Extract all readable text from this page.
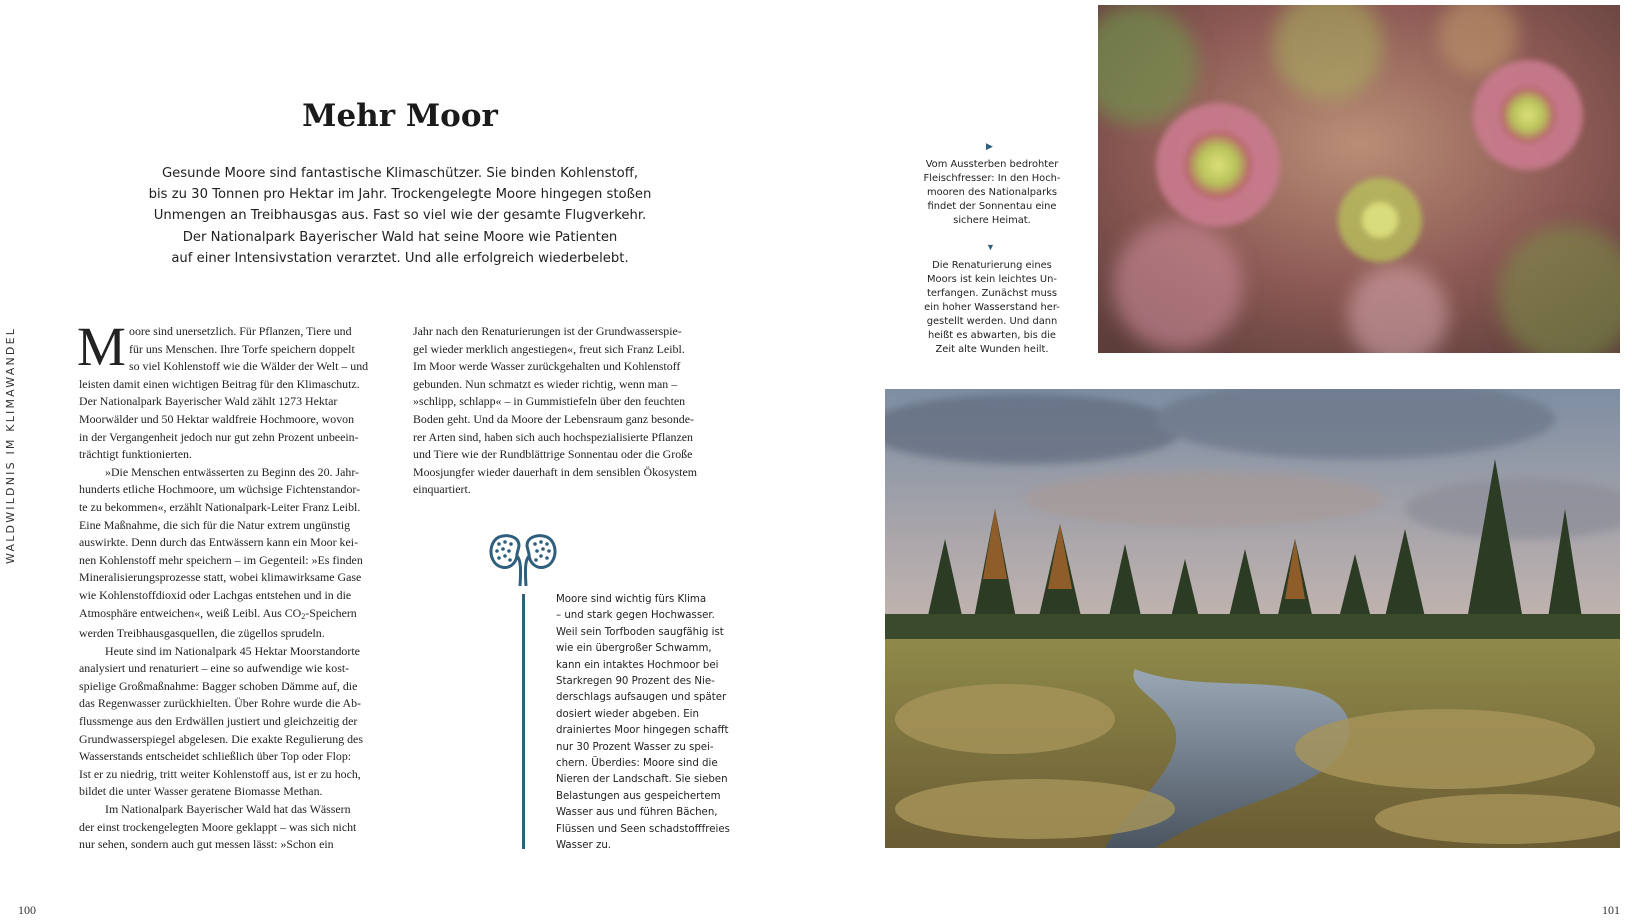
WALDWILDNIS IM KLIMAWANDEL
Mehr Moor
Gesunde Moore sind fantastische Klimaschützer. Sie binden Kohlenstoff,
bis zu 30 Tonnen pro Hektar im Jahr. Trockengelegte Moore hingegen stoßen
Unmengen an Treibhausgas aus. Fast so viel wie der gesamte Flugverkehr.
Der Nationalpark Bayerischer Wald hat seine Moore wie Patienten
auf einer Intensivstation verarztet. Und alle erfolgreich wiederbelebt.
M oore sind unersetzlich. Für Pflanzen, Tiere und
für uns Menschen. Ihre Torfe speichern doppelt
so viel Kohlenstoff wie die Wälder der Welt – und
leisten damit einen wichtigen Beitrag für den Klimaschutz.
Der Nationalpark Bayerischer Wald zählt 1273 Hektar
Moorwälder und 50 Hektar waldfreie Hochmoore, wovon
in der Vergangenheit jedoch nur gut zehn Prozent unbeein-
trächtigt funktionierten.
»Die Menschen entwässerten zu Beginn des 20. Jahr-
hunderts etliche Hochmoore, um wüchsige Fichtenstandor-
te zu bekommen«, erzählt Nationalpark-Leiter Franz Leibl.
Eine Maßnahme, die sich für die Natur extrem ungünstig
auswirkte. Denn durch das Entwässern kann ein Moor kei-
nen Kohlenstoff mehr speichern – im Gegenteil: »Es finden
Mineralisierungsprozesse statt, wobei klimawirksame Gase
wie Kohlenstoffdioxid oder Lachgas entstehen und in die
Atmosphäre entweichen«, weiß Leibl. Aus $CO_2$-Speichern
werden Treibhausgasquellen, die zügellos sprudeln.
Heute sind im Nationalpark 45 Hektar Moorstandorte
analysiert und renaturiert – eine so aufwendige wie kost-
spielige Großmaßnahme: Bagger schoben Dämme auf, die
das Regenwasser zurückhielten. Über Rohre wurde die Ab-
flussmenge aus den Erdwällen justiert und gleichzeitig der
Grundwasserspiegel abgelesen. Die exakte Regulierung des
Wasserstands entscheidet schließlich über Top oder Flop:
Ist er zu niedrig, tritt weiter Kohlenstoff aus, ist er zu hoch,
bildet die unter Wasser geratene Biomasse Methan.
Im Nationalpark Bayerischer Wald hat das Wässern
der einst trockengelegten Moore geklappt – was sich nicht
nur sehen, sondern auch gut messen lässt: »Schon ein
Jahr nach den Renaturierungen ist der Grundwasserspie-
gel wieder merklich angestiegen«, freut sich Franz Leibl.
Im Moor werde Wasser zurückgehalten und Kohlenstoff
gebunden. Nun schmatzt es wieder richtig, wenn man –
»schlipp, schlapp« – in Gummistiefeln über den feuchten
Boden geht. Und da Moore der Lebensraum ganz besonde-
rer Arten sind, haben sich auch hochspezialisierte Pflanzen
und Tiere wie der Rundblättrige Sonnentau oder die Große
Moosjungfer wieder dauerhaft in dem sensiblen Ökosystem
einquartiert.
Moore sind wichtig fürs Klima
– und stark gegen Hochwasser.
Weil sein Torfboden saugfähig ist
wie ein übergroßer Schwamm,
kann ein intaktes Hochmoor bei
Starkregen 90 Prozent des Nie-
derschlags aufsaugen und später
dosiert wieder abgeben. Ein
drainiertes Moor hingegen schafft
nur 30 Prozent Wasser zu spei-
chern. Überdies: Moore sind die
Nieren der Landschaft. Sie sieben
Belastungen aus gespeichertem
Wasser aus und führen Bächen,
Flüssen und Seen schadstofffreies
Wasser zu.
▶
Vom Aussterben bedrohter
Fleischfresser: In den Hoch-
mooren des Nationalparks
findet der Sonnentau eine
sichere Heimat.
▼
Die Renaturierung eines
Moors ist kein leichtes Un-
terfangen. Zunächst muss
ein hoher Wasserstand her-
gestellt werden. Und dann
heißt es abwarten, bis die
Zeit alte Wunden heilt.
100	101
